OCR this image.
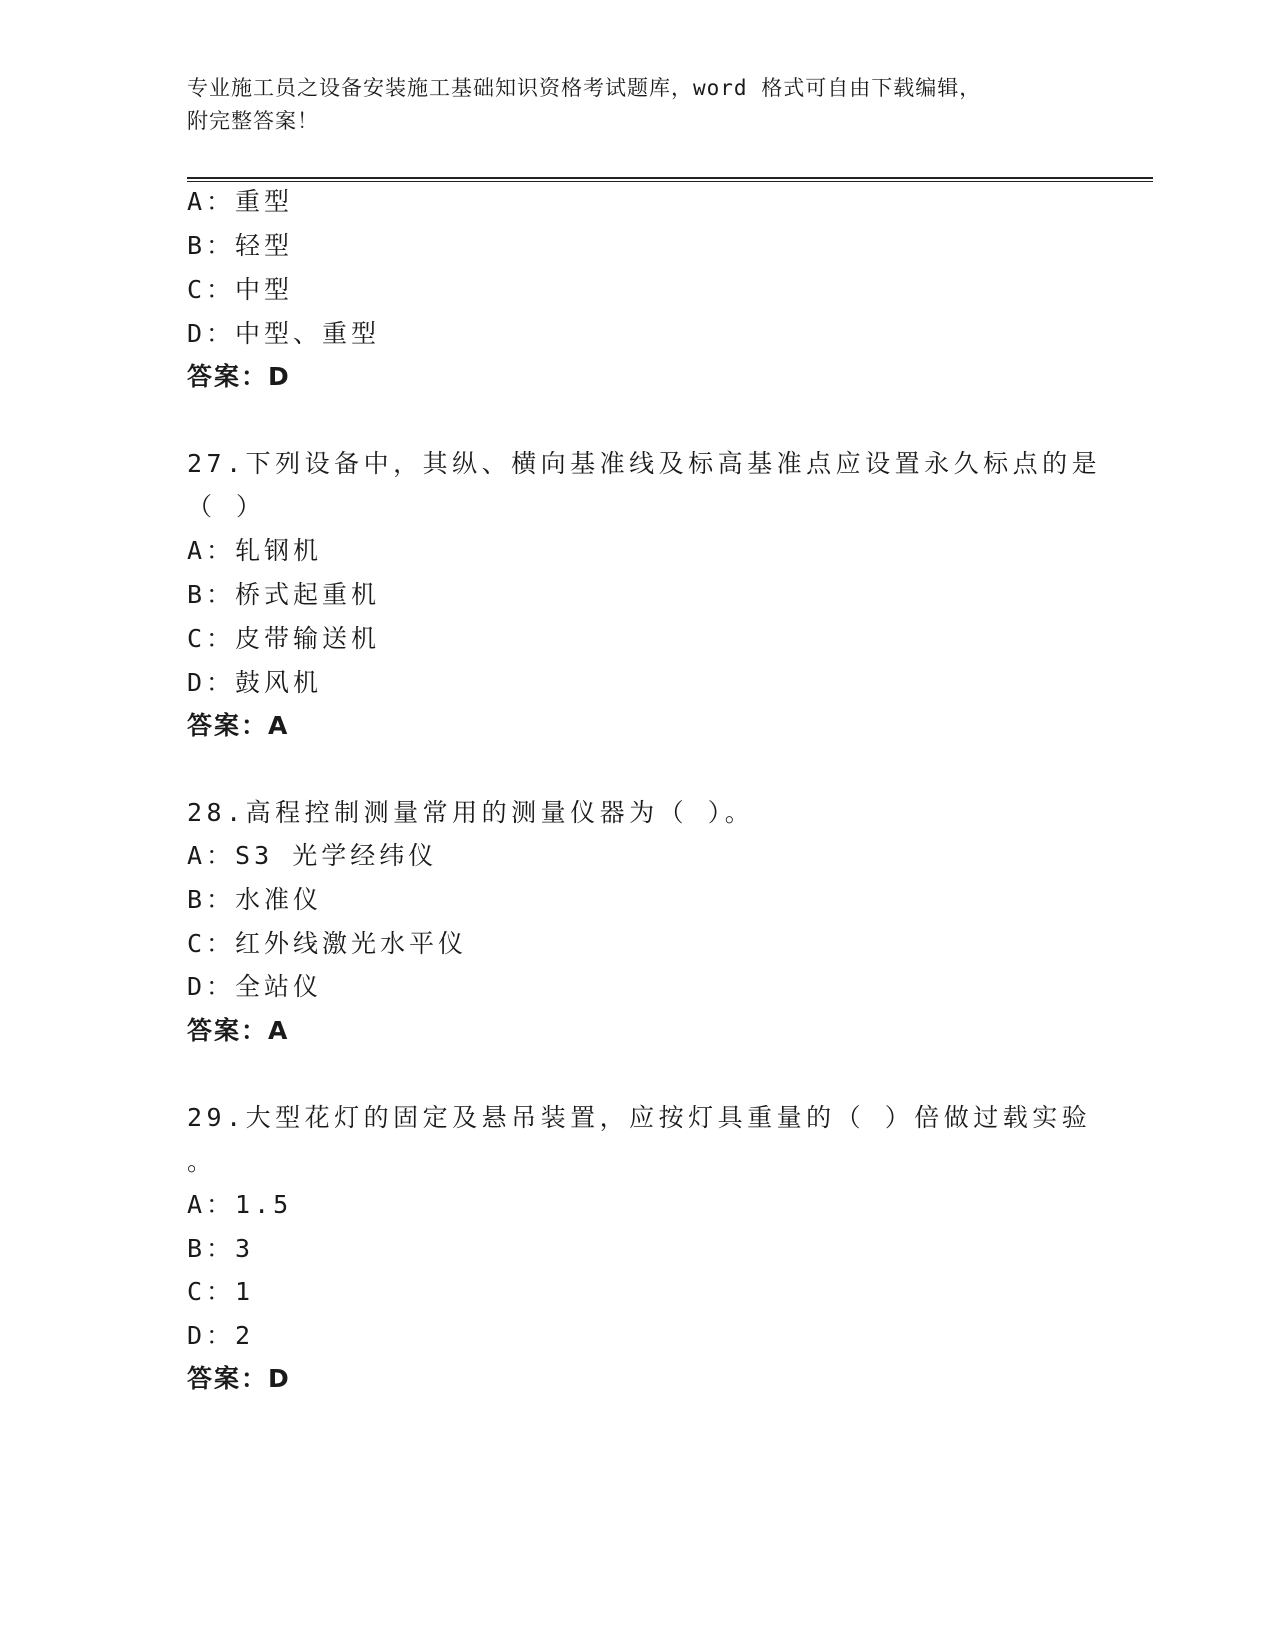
专业施工员之设备安装施工基础知识资格考试题库，word 格式可自由下载编辑，
附完整答案！

A：重型

B：轻型

C：中型

D：中型、重型

答案：D

27.下列设备中，其纵、横向基准线及标高基准点应设置永久标点的是

（ ）

A：轧钢机

B：桥式起重机

C：皮带输送机

D：鼓风机

答案：A

28.高程控制测量常用的测量仪器为（ ）。

A：S3 光学经纬仪

B：水准仪

C：红外线激光水平仪

D：全站仪

答案：A

29.大型花灯的固定及悬吊装置，应按灯具重量的（ ）倍做过载实验

。

A：1.5

B：3

C：1

D：2

答案：D
